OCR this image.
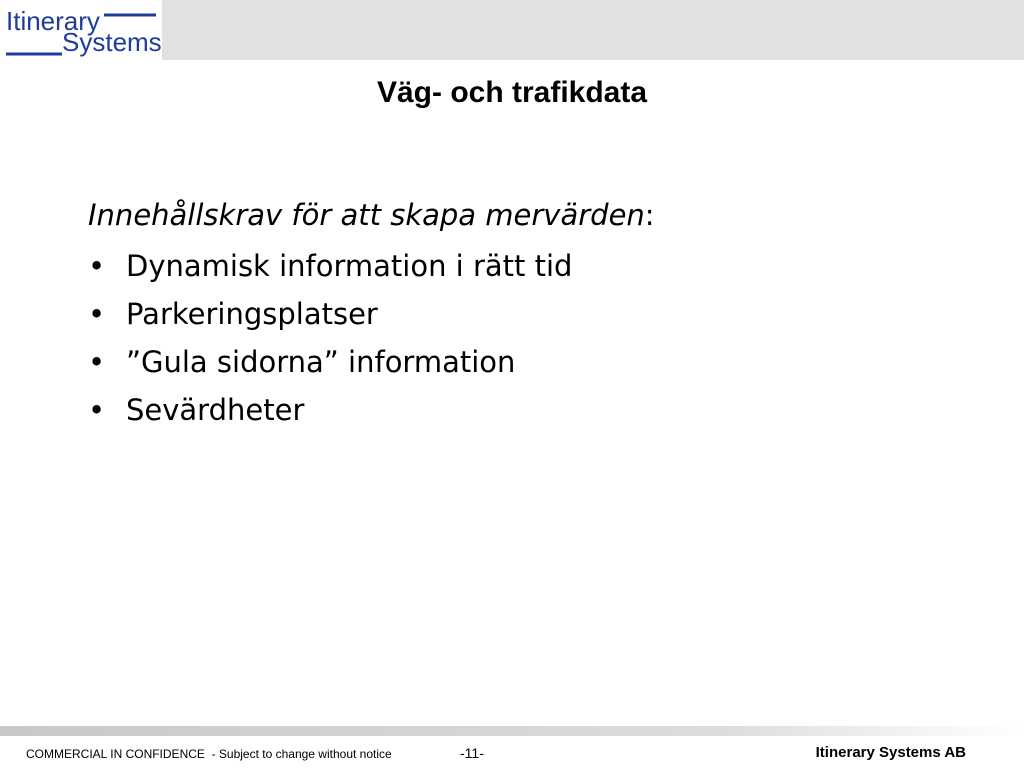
Itinerary
Systems
Väg- och trafikdata
Innehållskrav för att skapa mervärden:
• Dynamisk information i rätt tid
• Parkeringsplatser
• ”Gula sidorna” information
• Sevärdheter
COMMERCIAL IN CONFIDENCE  - Subject to change without notice	-11-	Itinerary Systems AB
